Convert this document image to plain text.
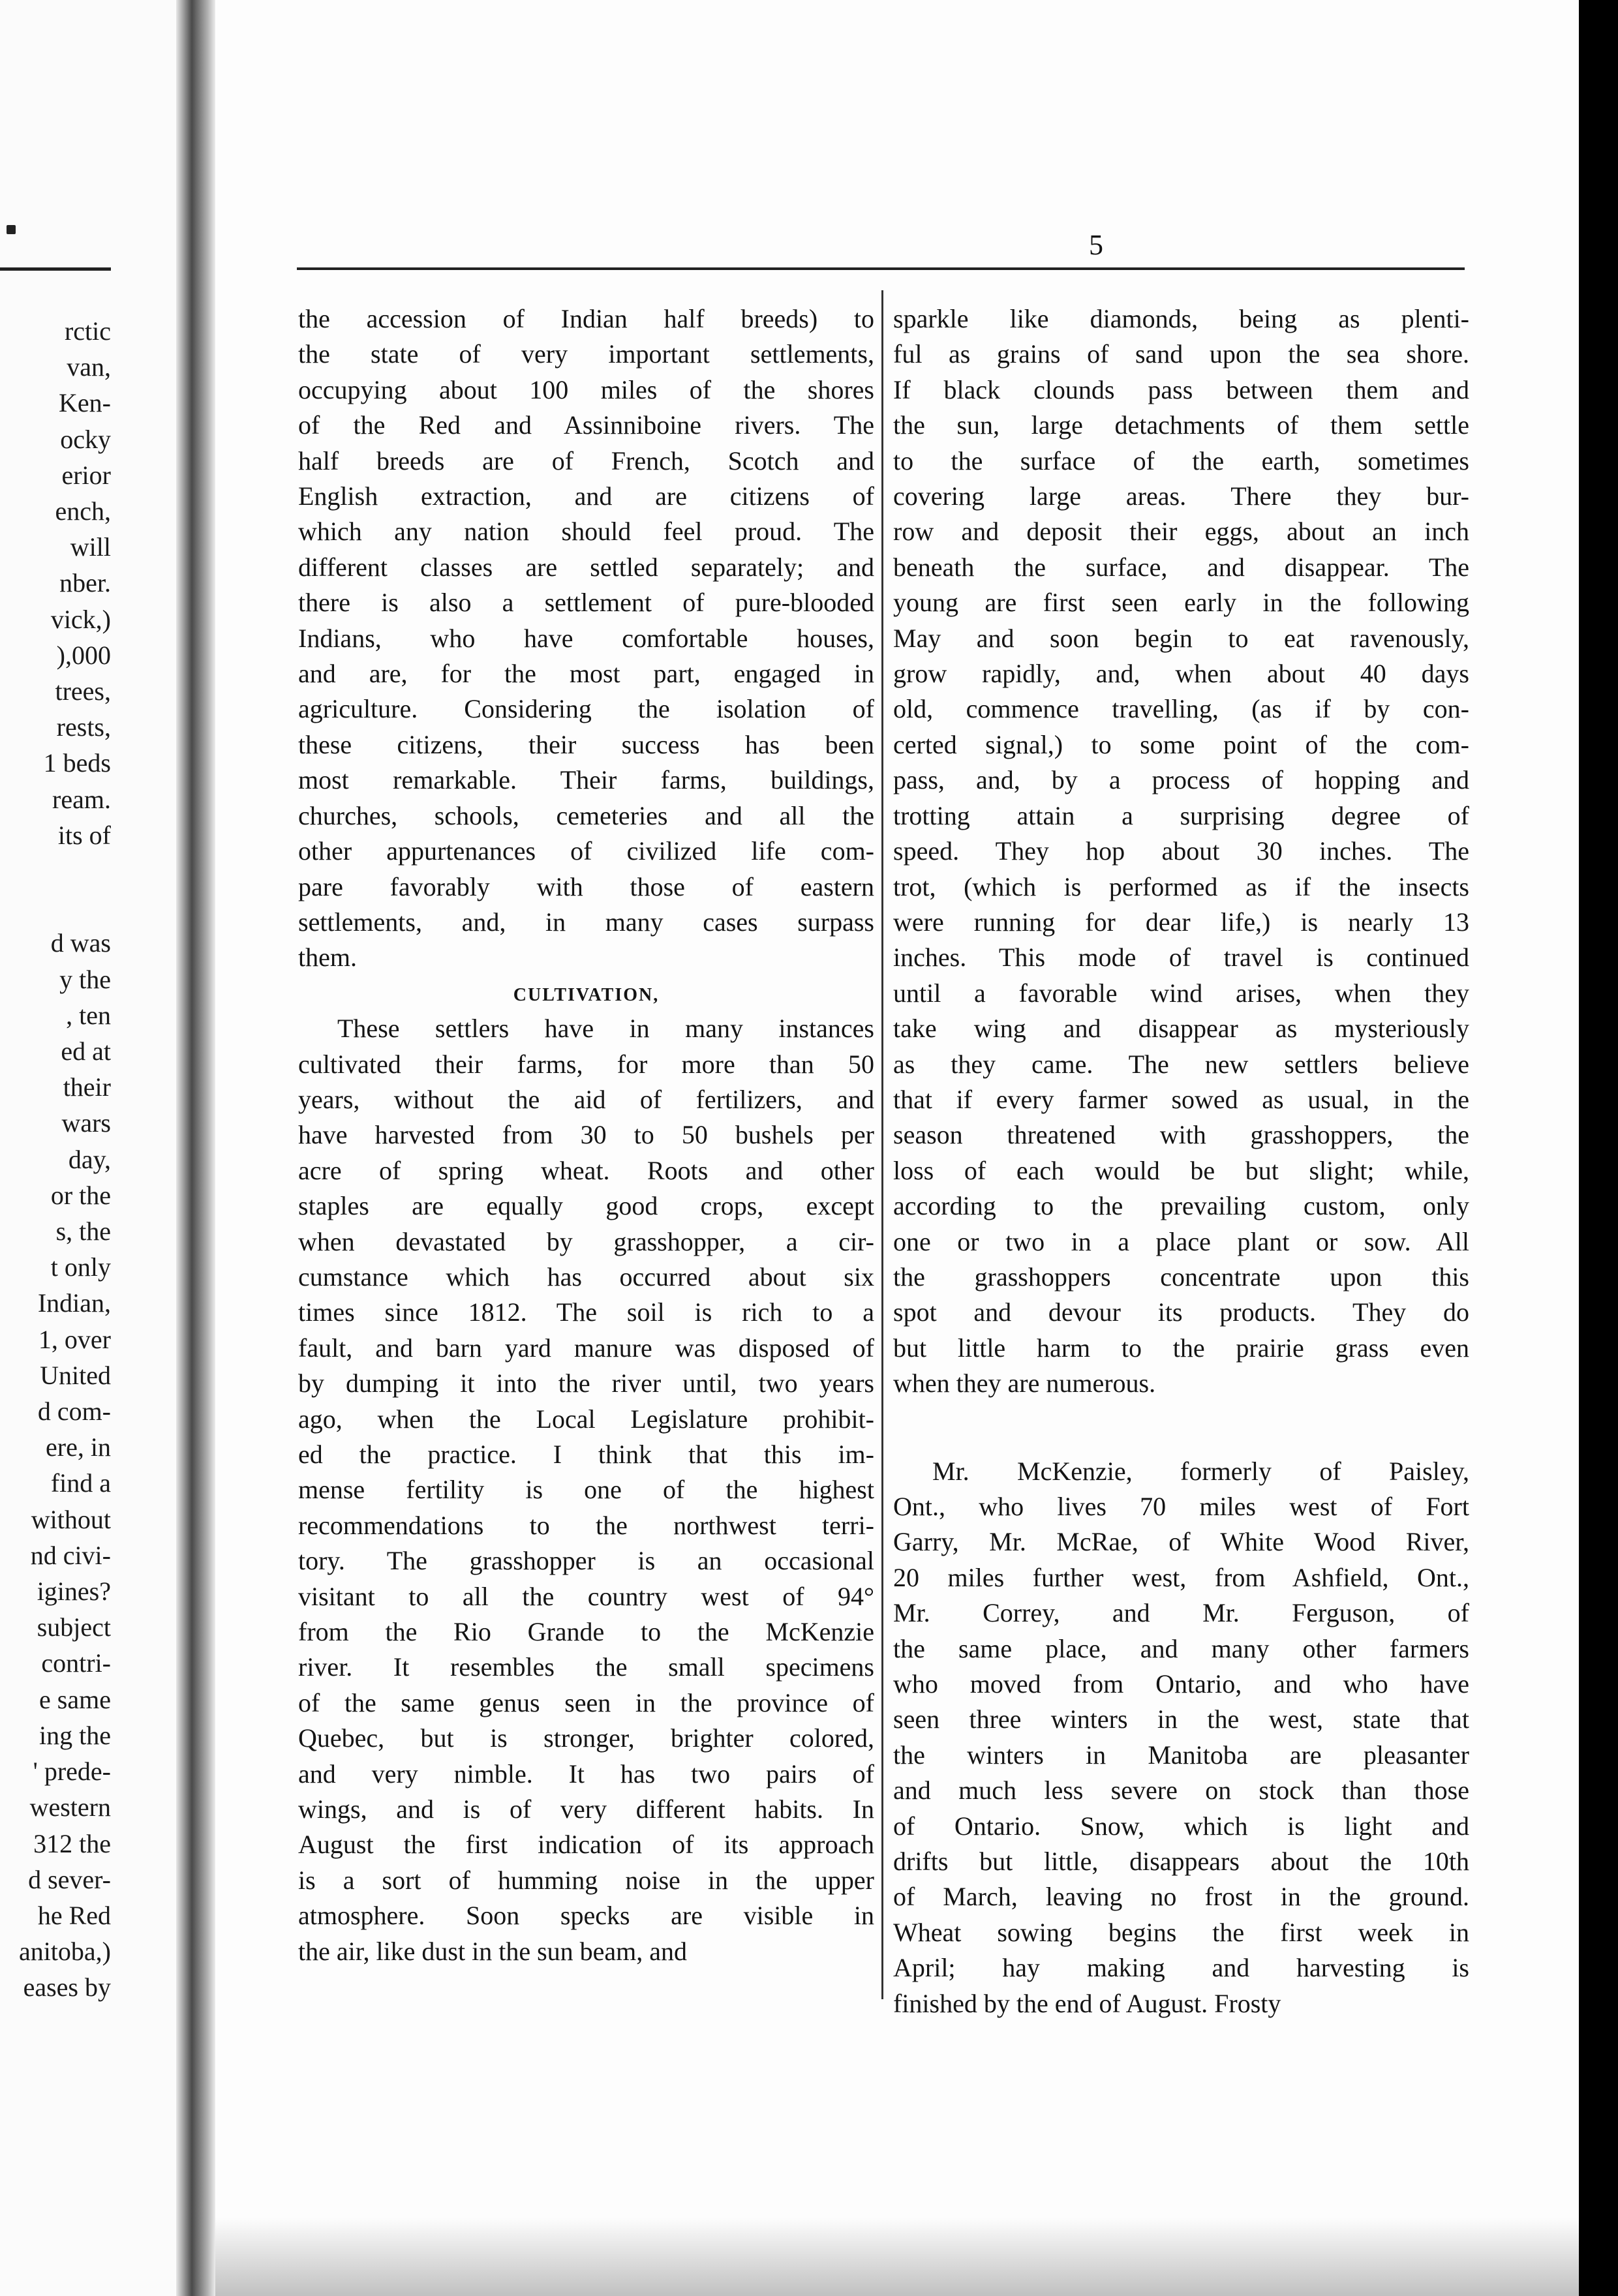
rctic
van,
Ken-
ocky
erior
ench,
will
nber.
vick,)
),000
trees,
rests,
1 beds
ream.
its of
d was
y the
, ten
ed at
their
wars
day,
or the
s, the
t only
Indian,
1, over
United
d com-
ere, in
find a
without
nd civi-
igines?
subject
contri-
e same
ing the
' prede-
western
312 the
d sever-
he Red
anitoba,)
eases by
5
the accession of Indian half breeds) to
the state of very important settlements,
occupying about 100 miles of the shores
of the Red and Assinniboine rivers. The
half breeds are of French, Scotch and
English extraction, and are citizens of
which any nation should feel proud. The
different classes are settled separately; and
there is also a settlement of pure-blooded
Indians, who have comfortable houses,
and are, for the most part, engaged in
agriculture. Considering the isolation of
these citizens, their success has been
most remarkable. Their farms, buildings,
churches, schools, cemeteries and all the
other appurtenances of civilized life com-
pare favorably with those of eastern
settlements, and, in many cases surpass
them.
CULTIVATION,
These settlers have in many instances
cultivated their farms, for more than 50
years, without the aid of fertilizers, and
have harvested from 30 to 50 bushels per
acre of spring wheat. Roots and other
staples are equally good crops, except
when devastated by grasshopper, a cir-
cumstance which has occurred about six
times since 1812. The soil is rich to a
fault, and barn yard manure was disposed of
by dumping it into the river until, two years
ago, when the Local Legislature prohibit-
ed the practice. I think that this im-
mense fertility is one of the highest
recommendations to the northwest terri-
tory. The grasshopper is an occasional
visitant to all the country west of 94°
from the Rio Grande to the McKenzie
river. It resembles the small specimens
of the same genus seen in the province of
Quebec, but is stronger, brighter colored,
and very nimble. It has two pairs of
wings, and is of very different habits. In
August the first indication of its approach
is a sort of humming noise in the upper
atmosphere. Soon specks are visible in
the air, like dust in the sun beam, and
sparkle like diamonds, being as plenti-
ful as grains of sand upon the sea shore.
If black clounds pass between them and
the sun, large detachments of them settle
to the surface of the earth, sometimes
covering large areas. There they bur-
row and deposit their eggs, about an inch
beneath the surface, and disappear. The
young are first seen early in the following
May and soon begin to eat ravenously,
grow rapidly, and, when about 40 days
old, commence travelling, (as if by con-
certed signal,) to some point of the com-
pass, and, by a process of hopping and
trotting attain a surprising degree of
speed. They hop about 30 inches. The
trot, (which is performed as if the insects
were running for dear life,) is nearly 13
inches. This mode of travel is continued
until a favorable wind arises, when they
take wing and disappear as mysteriously
as they came. The new settlers believe
that if every farmer sowed as usual, in the
season threatened with grasshoppers, the
loss of each would be but slight; while,
according to the prevailing custom, only
one or two in a place plant or sow. All
the grasshoppers concentrate upon this
spot and devour its products. They do
but little harm to the prairie grass even
when they are numerous.
Mr. McKenzie, formerly of Paisley,
Ont., who lives 70 miles west of Fort
Garry, Mr. McRae, of White Wood River,
20 miles further west, from Ashfield, Ont.,
Mr. Correy, and Mr. Ferguson, of
the same place, and many other farmers
who moved from Ontario, and who have
seen three winters in the west, state that
the winters in Manitoba are pleasanter
and much less severe on stock than those
of Ontario. Snow, which is light and
drifts but little, disappears about the 10th
of March, leaving no frost in the ground.
Wheat sowing begins the first week in
April; hay making and harvesting is
finished by the end of August. Frosty
